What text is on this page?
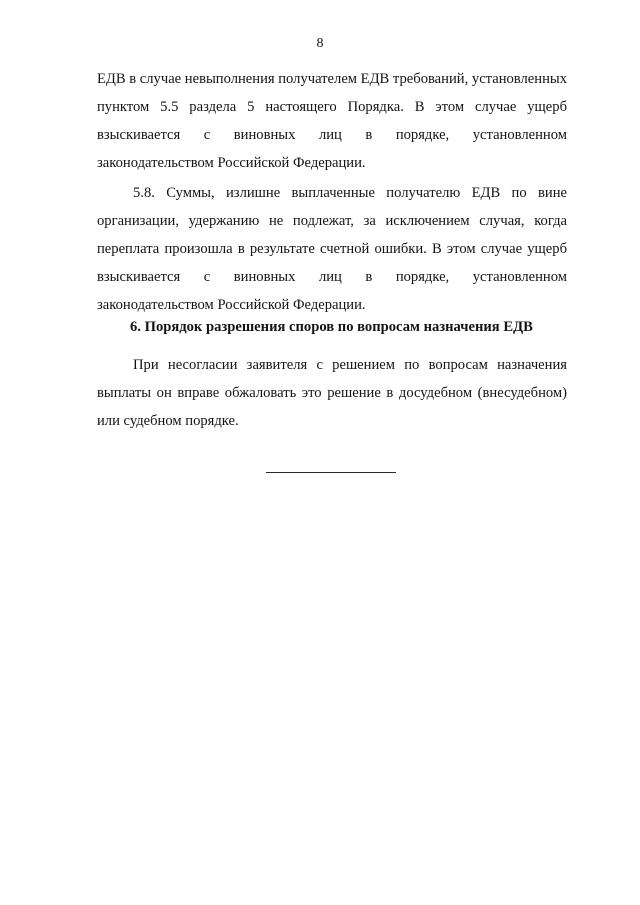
8
ЕДВ в случае невыполнения получателем ЕДВ требований, установленных
пунктом 5.5 раздела 5 настоящего Порядка. В этом случае ущерб
взыскивается с виновных лиц в порядке, установленном
законодательством Российской Федерации.
5.8. Суммы, излишне выплаченные получателю ЕДВ по вине
организации, удержанию не подлежат, за исключением случая, когда
переплата произошла в результате счетной ошибки. В этом случае ущерб
взыскивается с виновных лиц в порядке, установленном
законодательством Российской Федерации.
6. Порядок разрешения споров по вопросам назначения ЕДВ
При несогласии заявителя с решением по вопросам назначения
выплаты он вправе обжаловать это решение в досудебном (внесудебном)
или судебном порядке.
